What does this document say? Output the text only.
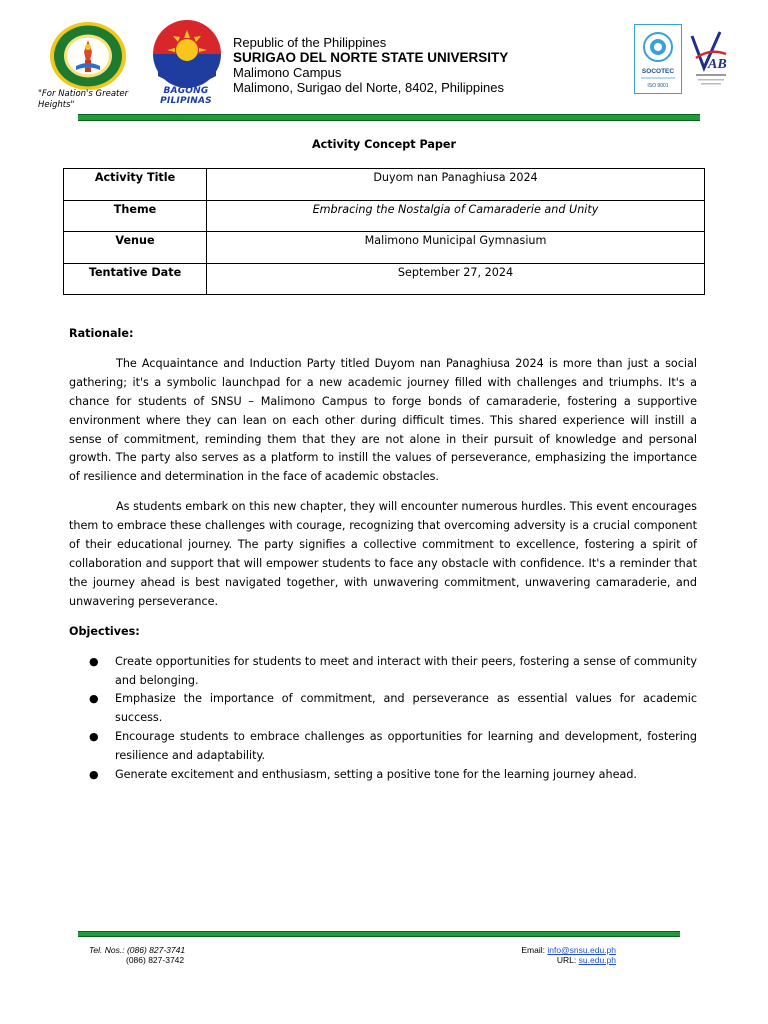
"For Nation's Greater Heights"
BAGONG PILIPINAS
Republic of the Philippines
SURIGAO DEL NORTE STATE UNIVERSITY
Malimono Campus
Malimono, Surigao del Norte, 8402, Philippines
SOCOTEC
ISO 9001
AB
Activity Concept Paper
Activity Title	Duyom nan Panaghiusa 2024
Theme	Embracing the Nostalgia of Camaraderie and Unity
Venue	Malimono Municipal Gymnasium
Tentative Date	September 27, 2024
Rationale:

The Acquaintance and Induction Party titled Duyom nan Panaghiusa 2024 is more than just a social gathering; it's a symbolic launchpad for a new academic journey filled with challenges and triumphs. It's a chance for students of SNSU – Malimono Campus to forge bonds of camaraderie, fostering a supportive environment where they can lean on each other during difficult times. This shared experience will instill a sense of commitment, reminding them that they are not alone in their pursuit of knowledge and personal growth. The party also serves as a platform to instill the values of perseverance, emphasizing the importance of resilience and determination in the face of academic obstacles.

As students embark on this new chapter, they will encounter numerous hurdles. This event encourages them to embrace these challenges with courage, recognizing that overcoming adversity is a crucial component of their educational journey. The party signifies a collective commitment to excellence, fostering a spirit of collaboration and support that will empower students to face any obstacle with confidence. It's a reminder that the journey ahead is best navigated together, with unwavering commitment, unwavering camaraderie, and unwavering perseverance.

Objectives:
● Create opportunities for students to meet and interact with their peers, fostering a sense of community and belonging.
● Emphasize the importance of commitment, and perseverance as essential values for academic success.
● Encourage students to embrace challenges as opportunities for learning and development, fostering resilience and adaptability.
● Generate excitement and enthusiasm, setting a positive tone for the learning journey ahead.
Tel. Nos.: (086) 827-3741
(086) 827-3742
Email: info@snsu.edu.ph
URL: su.edu.ph
